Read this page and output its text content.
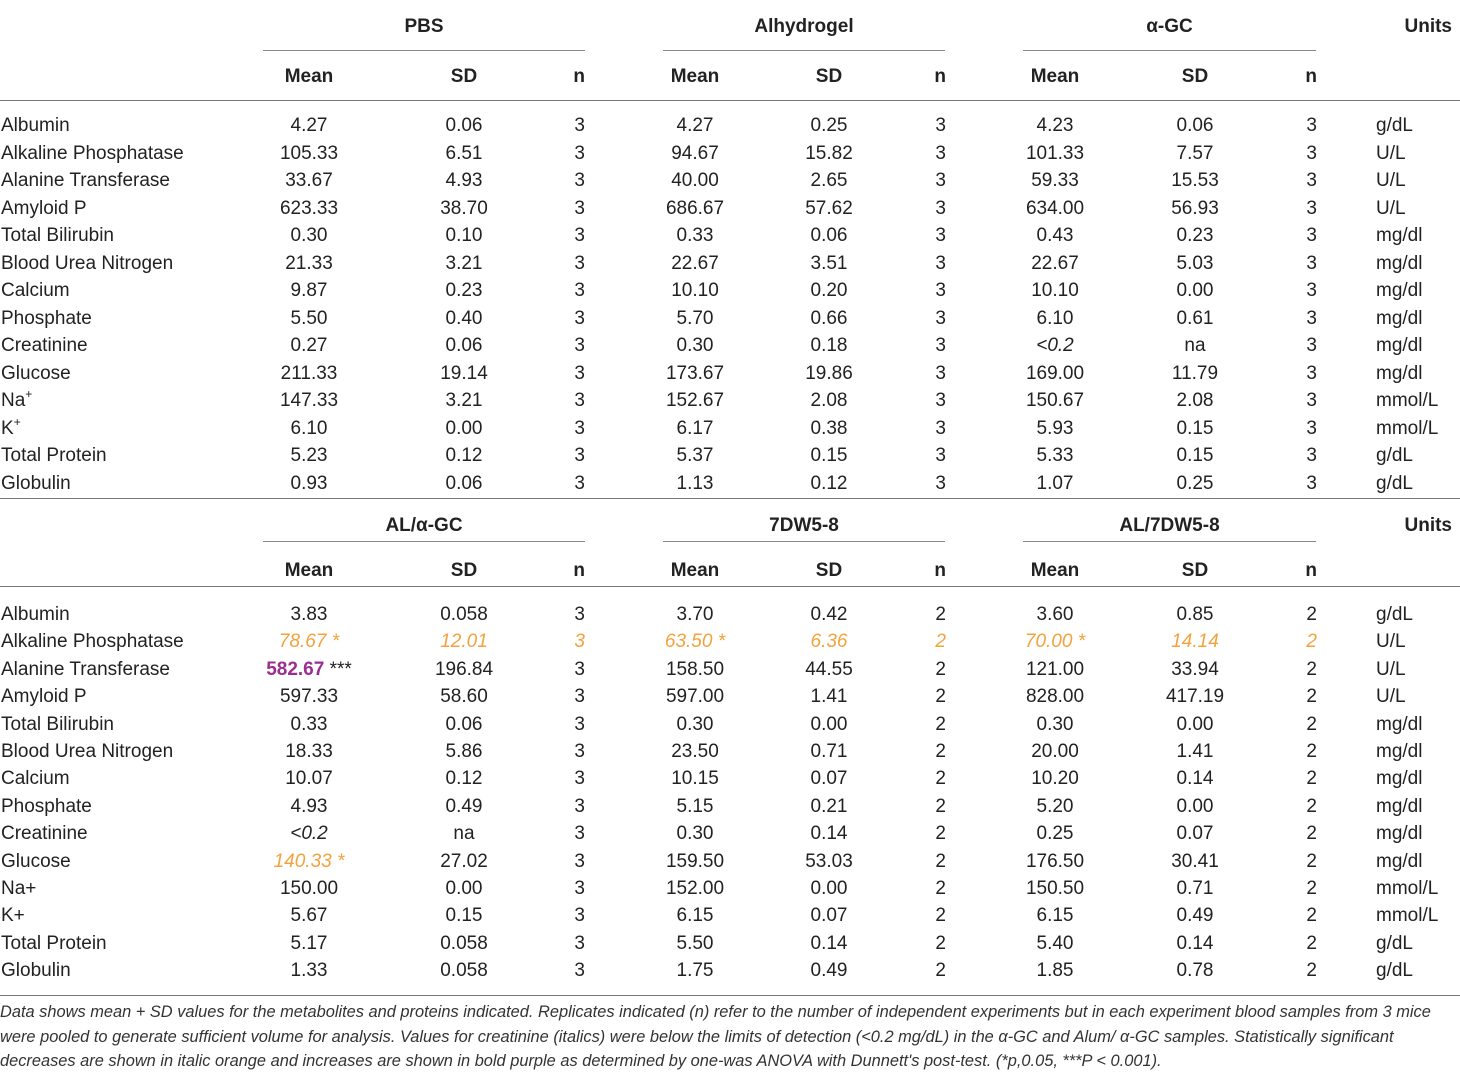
PBS
Mean	SD	n
Alhydrogel
Mean	SD	n
α-GC
Mean	SD	n
Units
Albumin	4.27	0.06	3	4.27	0.25	3	4.23	0.06	3	g/dL
Alkaline Phosphatase	105.33	6.51	3	94.67	15.82	3	101.33	7.57	3	U/L
Alanine Transferase	33.67	4.93	3	40.00	2.65	3	59.33	15.53	3	U/L
Amyloid P	623.33	38.70	3	686.67	57.62	3	634.00	56.93	3	U/L
Total Bilirubin	0.30	0.10	3	0.33	0.06	3	0.43	0.23	3	mg/dl
Blood Urea Nitrogen	21.33	3.21	3	22.67	3.51	3	22.67	5.03	3	mg/dl
Calcium	9.87	0.23	3	10.10	0.20	3	10.10	0.00	3	mg/dl
Phosphate	5.50	0.40	3	5.70	0.66	3	6.10	0.61	3	mg/dl
Creatinine	0.27	0.06	3	0.30	0.18	3	<0.2	na	3	mg/dl
Glucose	211.33	19.14	3	173.67	19.86	3	169.00	11.79	3	mg/dl
Na+	147.33	3.21	3	152.67	2.08	3	150.67	2.08	3	mmol/L
K+	6.10	0.00	3	6.17	0.38	3	5.93	0.15	3	mmol/L
Total Protein	5.23	0.12	3	5.37	0.15	3	5.33	0.15	3	g/dL
Globulin	0.93	0.06	3	1.13	0.12	3	1.07	0.25	3	g/dL
AL/α-GC
Mean	SD	n
7DW5-8
Mean	SD	n
AL/7DW5-8
Mean	SD	n
Units
Albumin	3.83	0.058	3	3.70	0.42	2	3.60	0.85	2	g/dL
Alkaline Phosphatase	78.67 *	12.01	3	63.50 *	6.36	2	70.00 *	14.14	2	U/L
Alanine Transferase	582.67 ***	196.84	3	158.50	44.55	2	121.00	33.94	2	U/L
Amyloid P	597.33	58.60	3	597.00	1.41	2	828.00	417.19	2	U/L
Total Bilirubin	0.33	0.06	3	0.30	0.00	2	0.30	0.00	2	mg/dl
Blood Urea Nitrogen	18.33	5.86	3	23.50	0.71	2	20.00	1.41	2	mg/dl
Calcium	10.07	0.12	3	10.15	0.07	2	10.20	0.14	2	mg/dl
Phosphate	4.93	0.49	3	5.15	0.21	2	5.20	0.00	2	mg/dl
Creatinine	<0.2	na	3	0.30	0.14	2	0.25	0.07	2	mg/dl
Glucose	140.33 *	27.02	3	159.50	53.03	2	176.50	30.41	2	mg/dl
Na+	150.00	0.00	3	152.00	0.00	2	150.50	0.71	2	mmol/L
K+	5.67	0.15	3	6.15	0.07	2	6.15	0.49	2	mmol/L
Total Protein	5.17	0.058	3	5.50	0.14	2	5.40	0.14	2	g/dL
Globulin	1.33	0.058	3	1.75	0.49	2	1.85	0.78	2	g/dL
Data shows mean + SD values for the metabolites and proteins indicated. Replicates indicated (n) refer to the number of independent experiments but in each experiment blood samples from 3 mice were pooled to generate sufficient volume for analysis. Values for creatinine (italics) were below the limits of detection (<0.2 mg/dL) in the α-GC and Alum/ α-GC samples. Statistically significant decreases are shown in italic orange and increases are shown in bold purple as determined by one-was ANOVA with Dunnett's post-test. (*p,0.05, ***P < 0.001).
